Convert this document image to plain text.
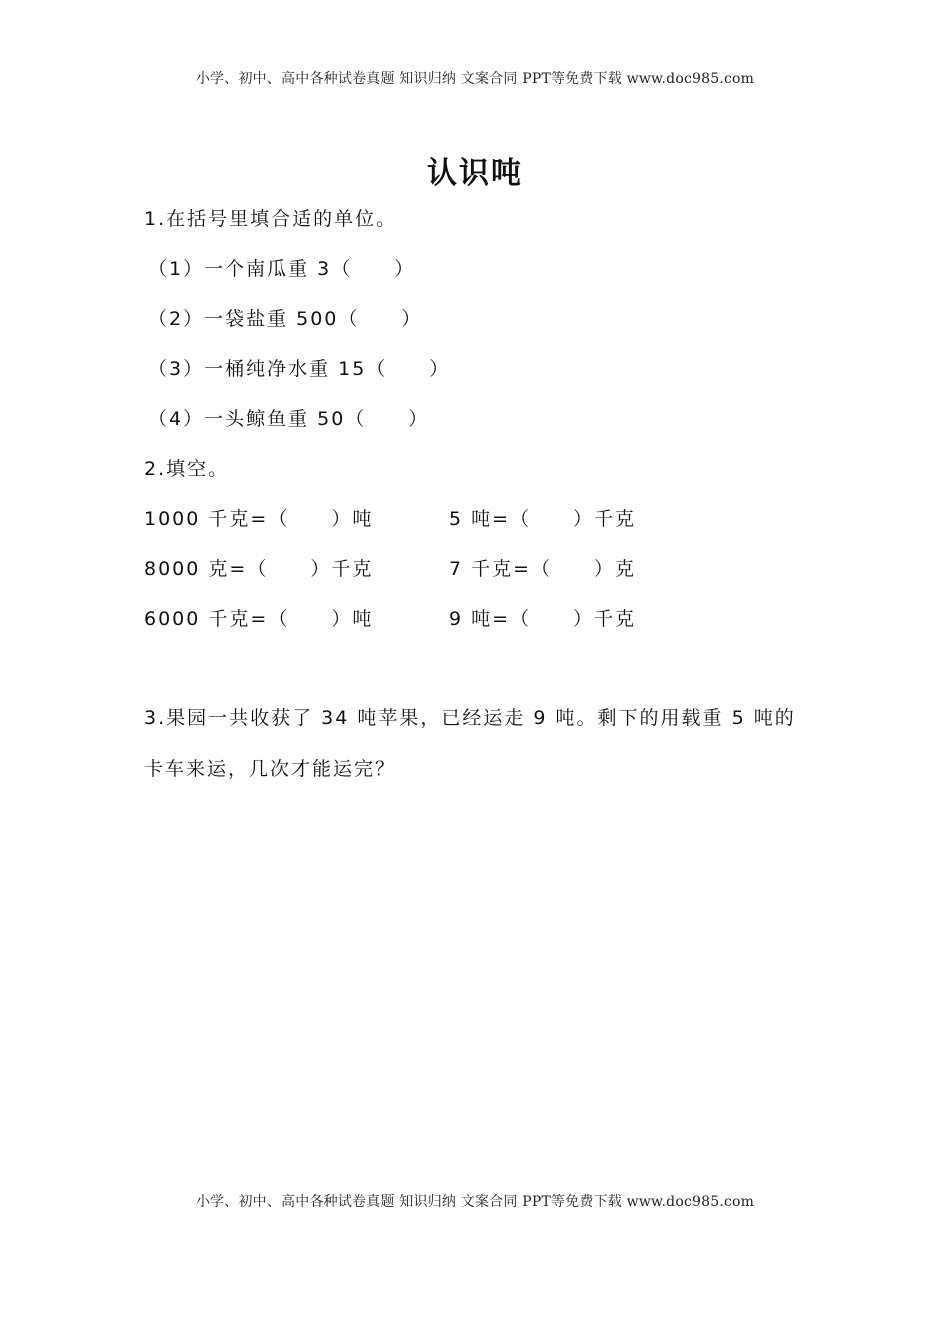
小学、初中、高中各种试卷真题 知识归纳 文案合同 PPT等免费下载 www.doc985.com
认识吨
1.在括号里填合适的单位。
（1）一个南瓜重 3（　　）
（2）一袋盐重 500（　　）
（3）一桶纯净水重 15（　　）
（4）一头鲸鱼重 50（　　）
2.填空。
1000 千克=（　　）吨	5 吨=（　　）千克
8000 克=（　　）千克	7 千克=（　　）克
6000 千克=（　　）吨	9 吨=（　　）千克
3.果园一共收获了 34 吨苹果，已经运走 9 吨。剩下的用载重 5 吨的
卡车来运，几次才能运完？
小学、初中、高中各种试卷真题 知识归纳 文案合同 PPT等免费下载 www.doc985.com
